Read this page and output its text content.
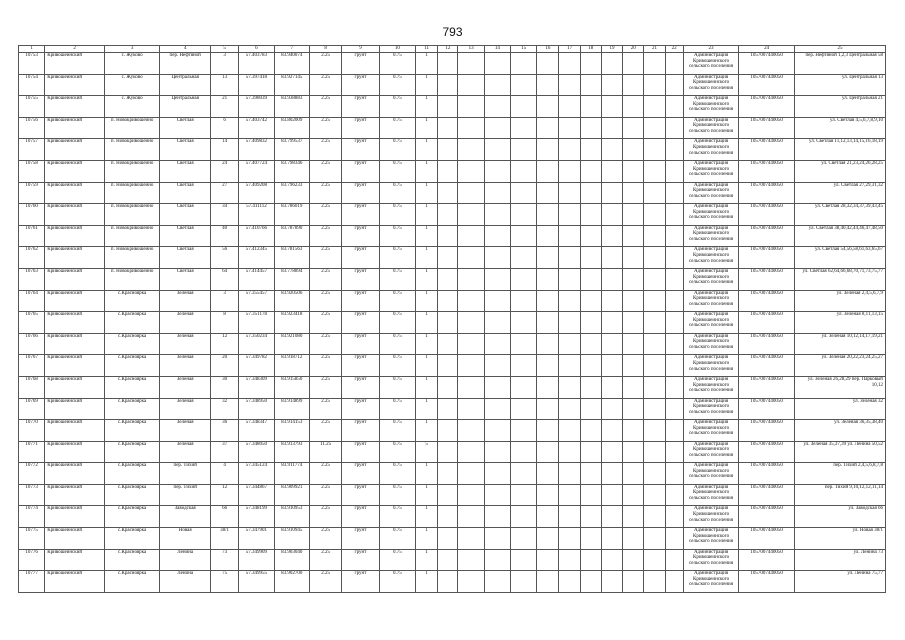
793
1	2	3	4	5	6	7	8	9	10	11	12	13	14	15	16	17	18	19	20	21	22	23	24	25
10753	Кривошеинский	с. Жуково	пер. Нефтяной	3	57.403783	83.940074	2.25	грунт	0.75	1												Администрация Кривошеинского сельского поселения	1057007440050	пер. Нефтяной 1,2,3 Центральная 58
10754	Кривошеинский	с. Жуково	Центральная	13	57.397418	83.927145	2.25	грунт	0.75	1												Администрация Кривошеинского сельского поселения	1057007440050	ул. Центральная 13
10755	Кривошеинский	с. Жуково	Центральная	21	57.398039	83.938883	2.25	грунт	0.75	1												Администрация Кривошеинского сельского поселения	1057007440050	ул. Центральная 21
10756	Кривошеинский	п. Новокривошеино	Светлая	6	57.403742	83.802009	2.25	грунт	0.75	1												Администрация Кривошеинского сельского поселения	1057007440050	ул. Светлая 4,5,6,7,8,9,10
10757	Кривошеинский	п. Новокривошеино	Светлая	14	57.409832	83.799537	2.25	грунт	0.75	1												Администрация Кривошеинского сельского поселения	1057007440050	ул. Светлая 11,12,13,14,15,16,18,19
10758	Кривошеинский	п. Новокривошеино	Светлая	24	57.407724	83.798346	2.25	грунт	0.75	1												Администрация Кривошеинского сельского поселения	1057007440050	ул. Светлая 21,23,24,26,28,25
10759	Кривошеинский	п. Новокривошеино	Светлая	27	57.409208	83.796233	2.25	грунт	0.75	1												Администрация Кривошеинского сельского поселения	1057007440050	ул. Светлая 27,29,31,32
10760	Кривошеинский	п. Новокривошеино	Светлая	34	57.411112	83.786019	2.25	грунт	0.75	1												Администрация Кривошеинского сельского поселения	1057007440050	ул. Светлая 28,32,34,37,39,43,45
10761	Кривошеинский	п. Новокривошеино	Светлая	40	57.410766	83.787890	2.25	грунт	0.75	1												Администрация Кривошеинского сельского поселения	1057007440050	ул. Светлая 38,40,42,44,46,47,48,50
10762	Кривошеинский	п. Новокривошеино	Светлая	56	57.412345	83.781563	2.25	грунт	0.75	1												Администрация Кривошеинского сельского поселения	1057007440050	ул. Светлая 54,56,58,61,63,65,67
10763	Кривошеинский	п. Новокривошеино	Светлая	64	57.414457	83.778894	2.25	грунт	0.75	1												Администрация Кривошеинского сельского поселения	1057007440050	ул. Светлая 62,64,66,68,70,71,73,75,77
10764	Кривошеинский	с.Красноярка	Зелёная	3	57.355457	83.920506	2.25	грунт	0.75	1												Администрация Кривошеинского сельского поселения	1057007440050	ул. Зелёная 2,4,5,6,7,9
10765	Кривошеинский	с.Красноярка	Зелёная	8	57.351178	83.923418	2.25	грунт	0.75	1												Администрация Кривошеинского сельского поселения	1057007440050	ул. Зелёная 8,11,13,15
10766	Кривошеинский	с.Красноярка	Зелёная	12	57.350234	83.921080	2.25	грунт	0.75	1												Администрация Кривошеинского сельского поселения	1057007440050	ул. Зелёная 10,12,14,17,19,21
10767	Кривошеинский	с.Красноярка	Зелёная	20	57.349782	83.918712	2.25	грунт	0.75	1												Администрация Кривошеинского сельского поселения	1057007440050	ул. Зелёная 20,22,23,24,25,27
10768	Кривошеинский	с.Красноярка	Зелёная	30	57.348309	83.915850	2.25	грунт	0.75	1												Администрация Кривошеинского сельского поселения	1057007440050	ул. Зелёная 26,28,29 пер. Парковый 10,12
10769	Кривошеинский	с.Красноярка	Зелёная	32	57.348950	83.914899	2.25	грунт	0.75	1												Администрация Кривошеинского сельского поселения	1057007440050	ул. Зелёная 32
10770	Кривошеинский	с.Красноярка	Зелёная	36	57.348347	83.914153	2.25	грунт	0.75	1												Администрация Кривошеинского сельского поселения	1057007440050	ул. Зелёная 36,35,38,40
10771	Кривошеинский	с.Красноярка	Зелёная	37	57.348050	83.913793	11.25	грунт	0.75	5												Администрация Кривошеинского сельского поселения	1057007440050	ул. Зелёная 35,37,39 ул. Ленина 50,52
10772	Кривошеинский	с.Красноярка	пер. Тихий	4	57.345124	83.911774	2.25	грунт	0.75	1												Администрация Кривошеинского сельского поселения	1057007440050	пер. Тихий 2,4,5,6,8,7,8
10773	Кривошеинский	с.Красноярка	пер. Тихий	12	57.344867	83.909921	2.25	грунт	0.75	1												Администрация Кривошеинского сельского поселения	1057007440050	пер. Тихий 9,10,12,12,11,14
10774	Кривошеинский	с.Красноярка	Заводская	66	57.348199	83.910953	2.25	грунт	0.75	1												Администрация Кривошеинского сельского поселения	1057007440050	ул. Заводская 66
10775	Кривошеинский	с.Красноярка	Новая	38/1	57.347901	83.910945	2.25	грунт	0.75	1												Администрация Кривошеинского сельского поселения	1057007440050	ул. Новая 38/1
10776	Кривошеинский	с.Красноярка	Ленина	73	57.349909	83.903040	2.25	грунт	0.75	1												Администрация Кривошеинского сельского поселения	1057007440050	ул. Ленина 73
10777	Кривошеинский	с.Красноярка	Ленина	75	57.349955	83.902700	2.25	грунт	0.75	1												Администрация Кривошеинского сельского поселения	1057007440050	ул. Ленина 75,77
